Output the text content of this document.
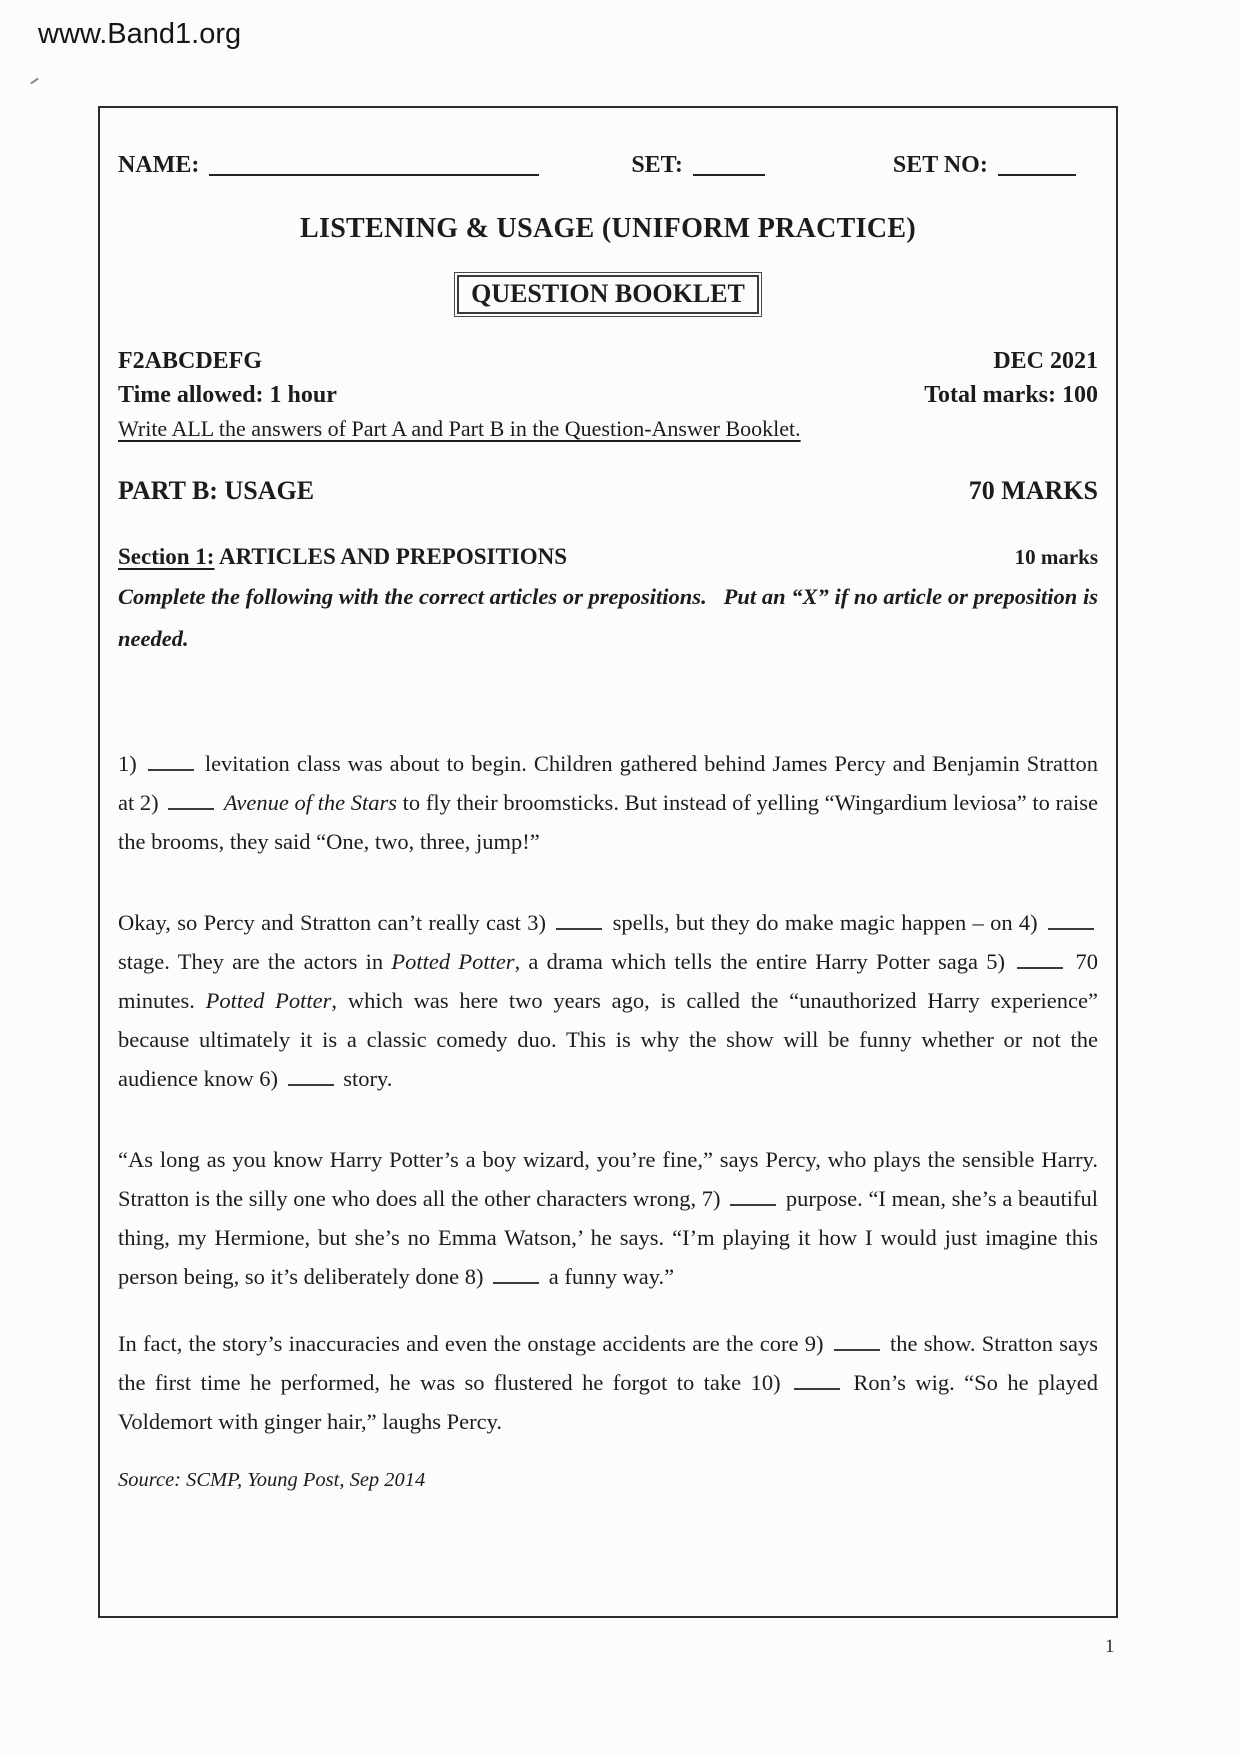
www.Band1.org
NAME:	SET:	SET NO:
LISTENING & USAGE (UNIFORM PRACTICE)
QUESTION BOOKLET
F2ABCDEFG
Time allowed: 1 hour
DEC 2021
Total marks: 100
Write ALL the answers of Part A and Part B in the Question-Answer Booklet.
PART B: USAGE	70 MARKS
Section 1: ARTICLES AND PREPOSITIONS	10 marks
Complete the following with the correct articles or prepositions.  Put an “X” if no article or preposition is needed.

1)  levitation class was about to begin. Children gathered behind James Percy and Benjamin Stratton at 2)	Avenue of the Stars to fly their broomsticks. But instead of yelling “Wingardium leviosa” to raise the brooms, they said “One, two, three, jump!”

Okay, so Percy and Stratton can’t really cast 3)  spells, but they do make magic happen – on 4)  stage. They are the actors in Potted Potter, a drama which tells the entire Harry Potter saga 5)  70 minutes. Potted Potter, which was here two years ago, is called the “unauthorized Harry experience” because ultimately it is a classic comedy duo. This is why the show will be funny whether or not the audience know 6)  story.

“As long as you know Harry Potter’s a boy wizard, you’re fine,” says Percy, who plays the sensible Harry. Stratton is the silly one who does all the other characters wrong, 7)  purpose. “I mean, she’s a beautiful thing, my Hermione, but she’s no Emma Watson,’ he says. “I’m playing it how I would just imagine this person being, so it’s deliberately done 8)  a funny way.”

In fact, the story’s inaccuracies and even the onstage accidents are the core 9)  the show. Stratton says the first time he performed, he was so flustered he forgot to take 10)  Ron’s wig. “So he played Voldemort with ginger hair,” laughs Percy.

Source: SCMP, Young Post, Sep 2014
1
